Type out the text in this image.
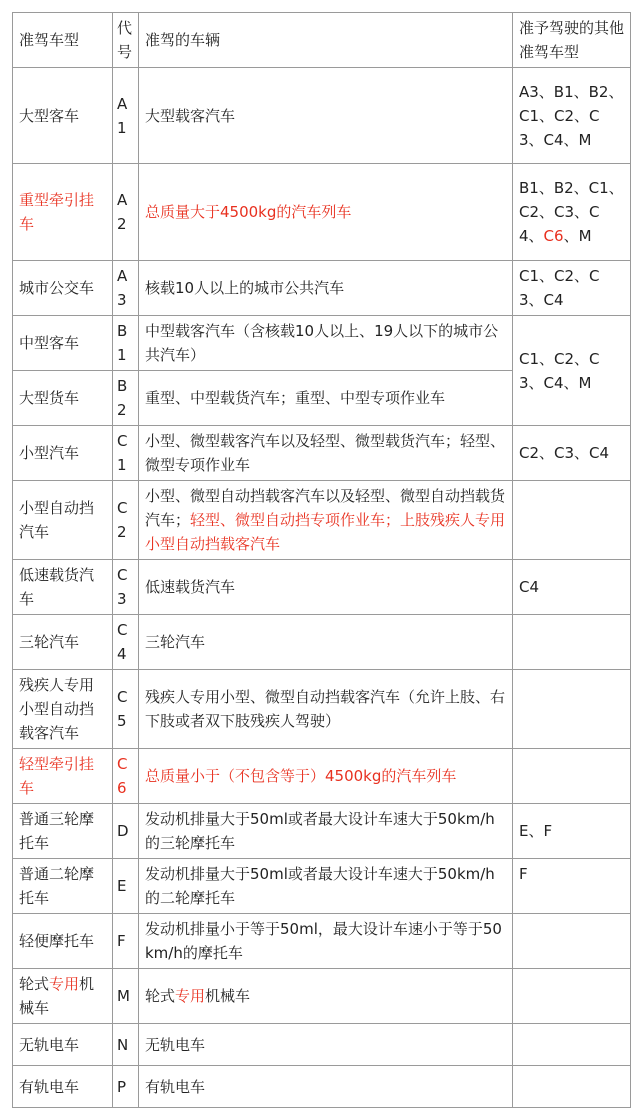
准驾车型	代号	准驾的车辆	准予驾驶的其他准驾车型
大型客车	A1	大型载客汽车	A3、B1、B2、C1、C2、C3、C4、M
重型牵引挂车	A2	总质量大于4500kg的汽车列车	B1、B2、C1、C2、C3、C4、C6、M
城市公交车	A3	核载10人以上的城市公共汽车	C1、C2、C3、C4
中型客车	B1	中型载客汽车（含核载10人以上、19人以下的城市公共汽车）	C1、C2、C3、C4、M
大型货车	B2	重型、中型载货汽车；重型、中型专项作业车	
小型汽车	C1	小型、微型载客汽车以及轻型、微型载货汽车；轻型、微型专项作业车	C2、C3、C4
小型自动挡汽车	C2	小型、微型自动挡载客汽车以及轻型、微型自动挡载货汽车；轻型、微型自动挡专项作业车；上肢残疾人专用小型自动挡载客汽车	
低速载货汽车	C3	低速载货汽车	C4
三轮汽车	C4	三轮汽车	
残疾人专用小型自动挡载客汽车	C5	残疾人专用小型、微型自动挡载客汽车（允许上肢、右下肢或者双下肢残疾人驾驶）	
轻型牵引挂车	C6	总质量小于（不包含等于）4500kg的汽车列车	
普通三轮摩托车	D	发动机排量大于50ml或者最大设计车速大于50km/h的三轮摩托车	E、F
普通二轮摩托车	E	发动机排量大于50ml或者最大设计车速大于50km/h的二轮摩托车	F
轻便摩托车	F	发动机排量小于等于50ml，最大设计车速小于等于50km/h的摩托车	
轮式专用机械车	M	轮式专用机械车	
无轨电车	N	无轨电车	
有轨电车	P	有轨电车	
